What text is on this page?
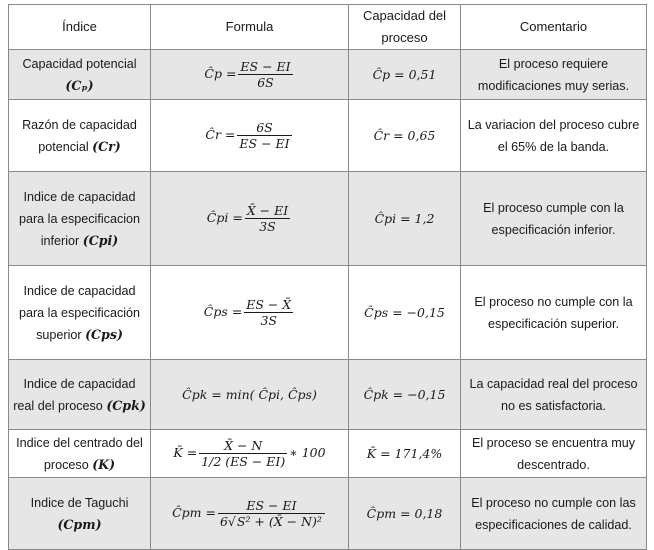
Índice	Formula	Capacidad del proceso	Comentario
Capacidad potencial (Cₚ)	Ĉp = $\frac{ES - EI}{6S}$	Ĉp = 0,51	El proceso requiere modificaciones muy serias.
Razón de capacidad potencial (Cr)	Ĉr = $\frac{6S}{ES - EI}$	Ĉr = 0,65	La variacion del proceso cubre el 65% de la banda.
Indice de capacidad para la especificacion inferior (Cpi)	Ĉpi = $\frac{X̄ - EI}{3S}$	Ĉpi = 1,2	El proceso cumple con la especificación inferior.
Indice de capacidad para la especificación superior (Cps)	Ĉps = $\frac{ES - X̄}{3S}$	Ĉps = −0,15	El proceso no cumple con la especificación superior.
Indice de capacidad real del proceso (Cpk)	Ĉpk = min( Ĉpi, Ĉps)	Ĉpk = −0,15	La capacidad real del proceso no es satisfactoria.
Indice del centrado del proceso (K)	K̄ = $\frac{X̄ - N}{1/2 (ES - EI)}$ ∗ 100	K̄ = 171,4%	El proceso se encuentra muy descentrado.
Indice de Taguchi (Cpm)	Ĉpm = $\frac{ES - EI}{\text{6√S² + (X̄ − N)²}}$	Ĉpm = 0,18	El proceso no cumple con las especificaciones de calidad.
